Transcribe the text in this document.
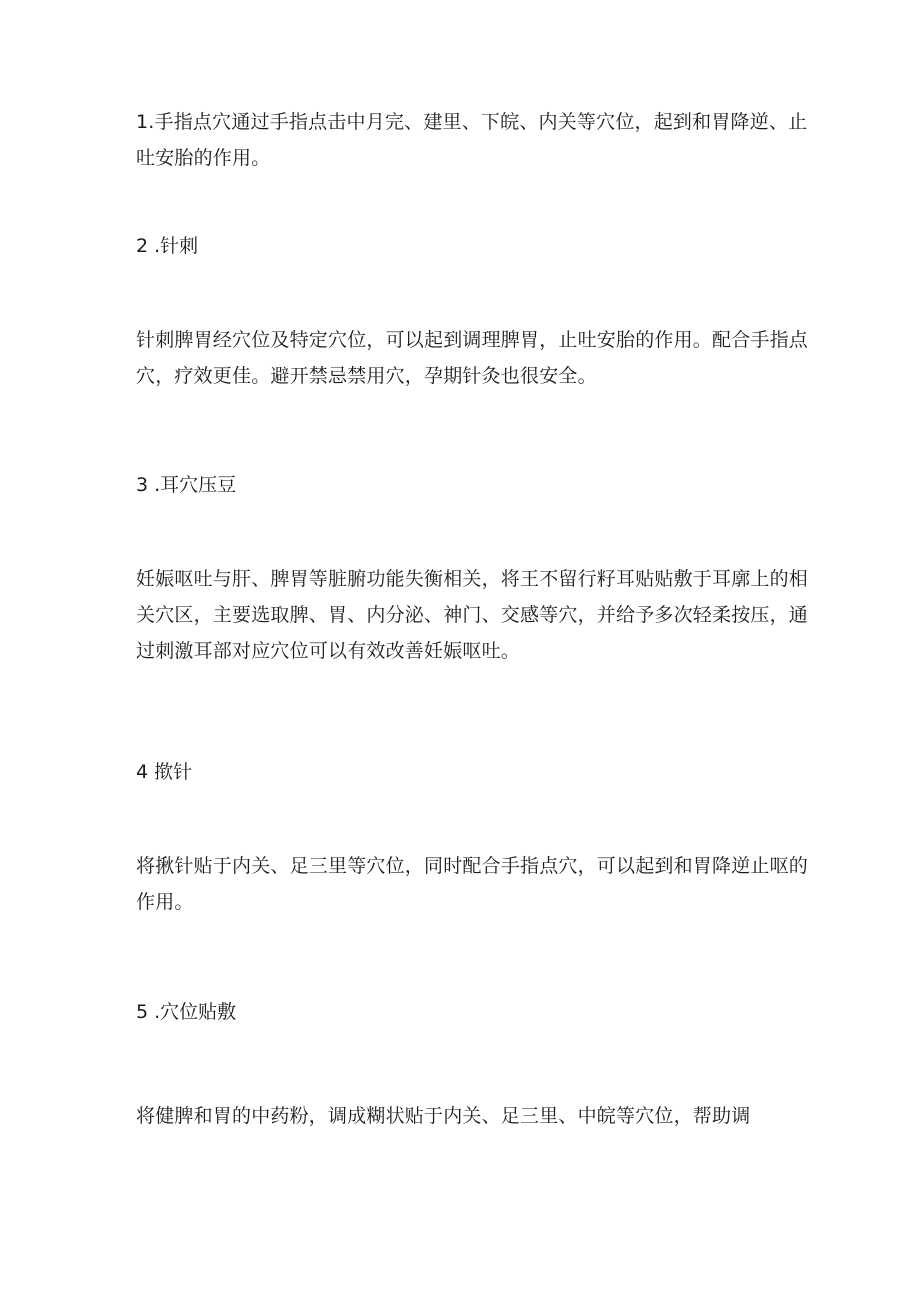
1.手指点穴通过手指点击中月完、建里、下皖、内关等穴位，起到和胃降逆、止
吐安胎的作用。

2 .针刺

针刺脾胃经穴位及特定穴位，可以起到调理脾胃，止吐安胎的作用。配合手指点
穴，疗效更佳。避开禁忌禁用穴，孕期针灸也很安全。

3 .耳穴压豆

妊娠呕吐与肝、脾胃等脏腑功能失衡相关，将王不留行籽耳贴贴敷于耳廓上的相
关穴区，主要选取脾、胃、内分泌、神门、交感等穴，并给予多次轻柔按压，通
过刺激耳部对应穴位可以有效改善妊娠呕吐。

4 揿针

将揪针贴于内关、足三里等穴位，同时配合手指点穴，可以起到和胃降逆止呕的
作用。

5 .穴位贴敷

将健脾和胃的中药粉，调成糊状贴于内关、足三里、中皖等穴位，帮助调
